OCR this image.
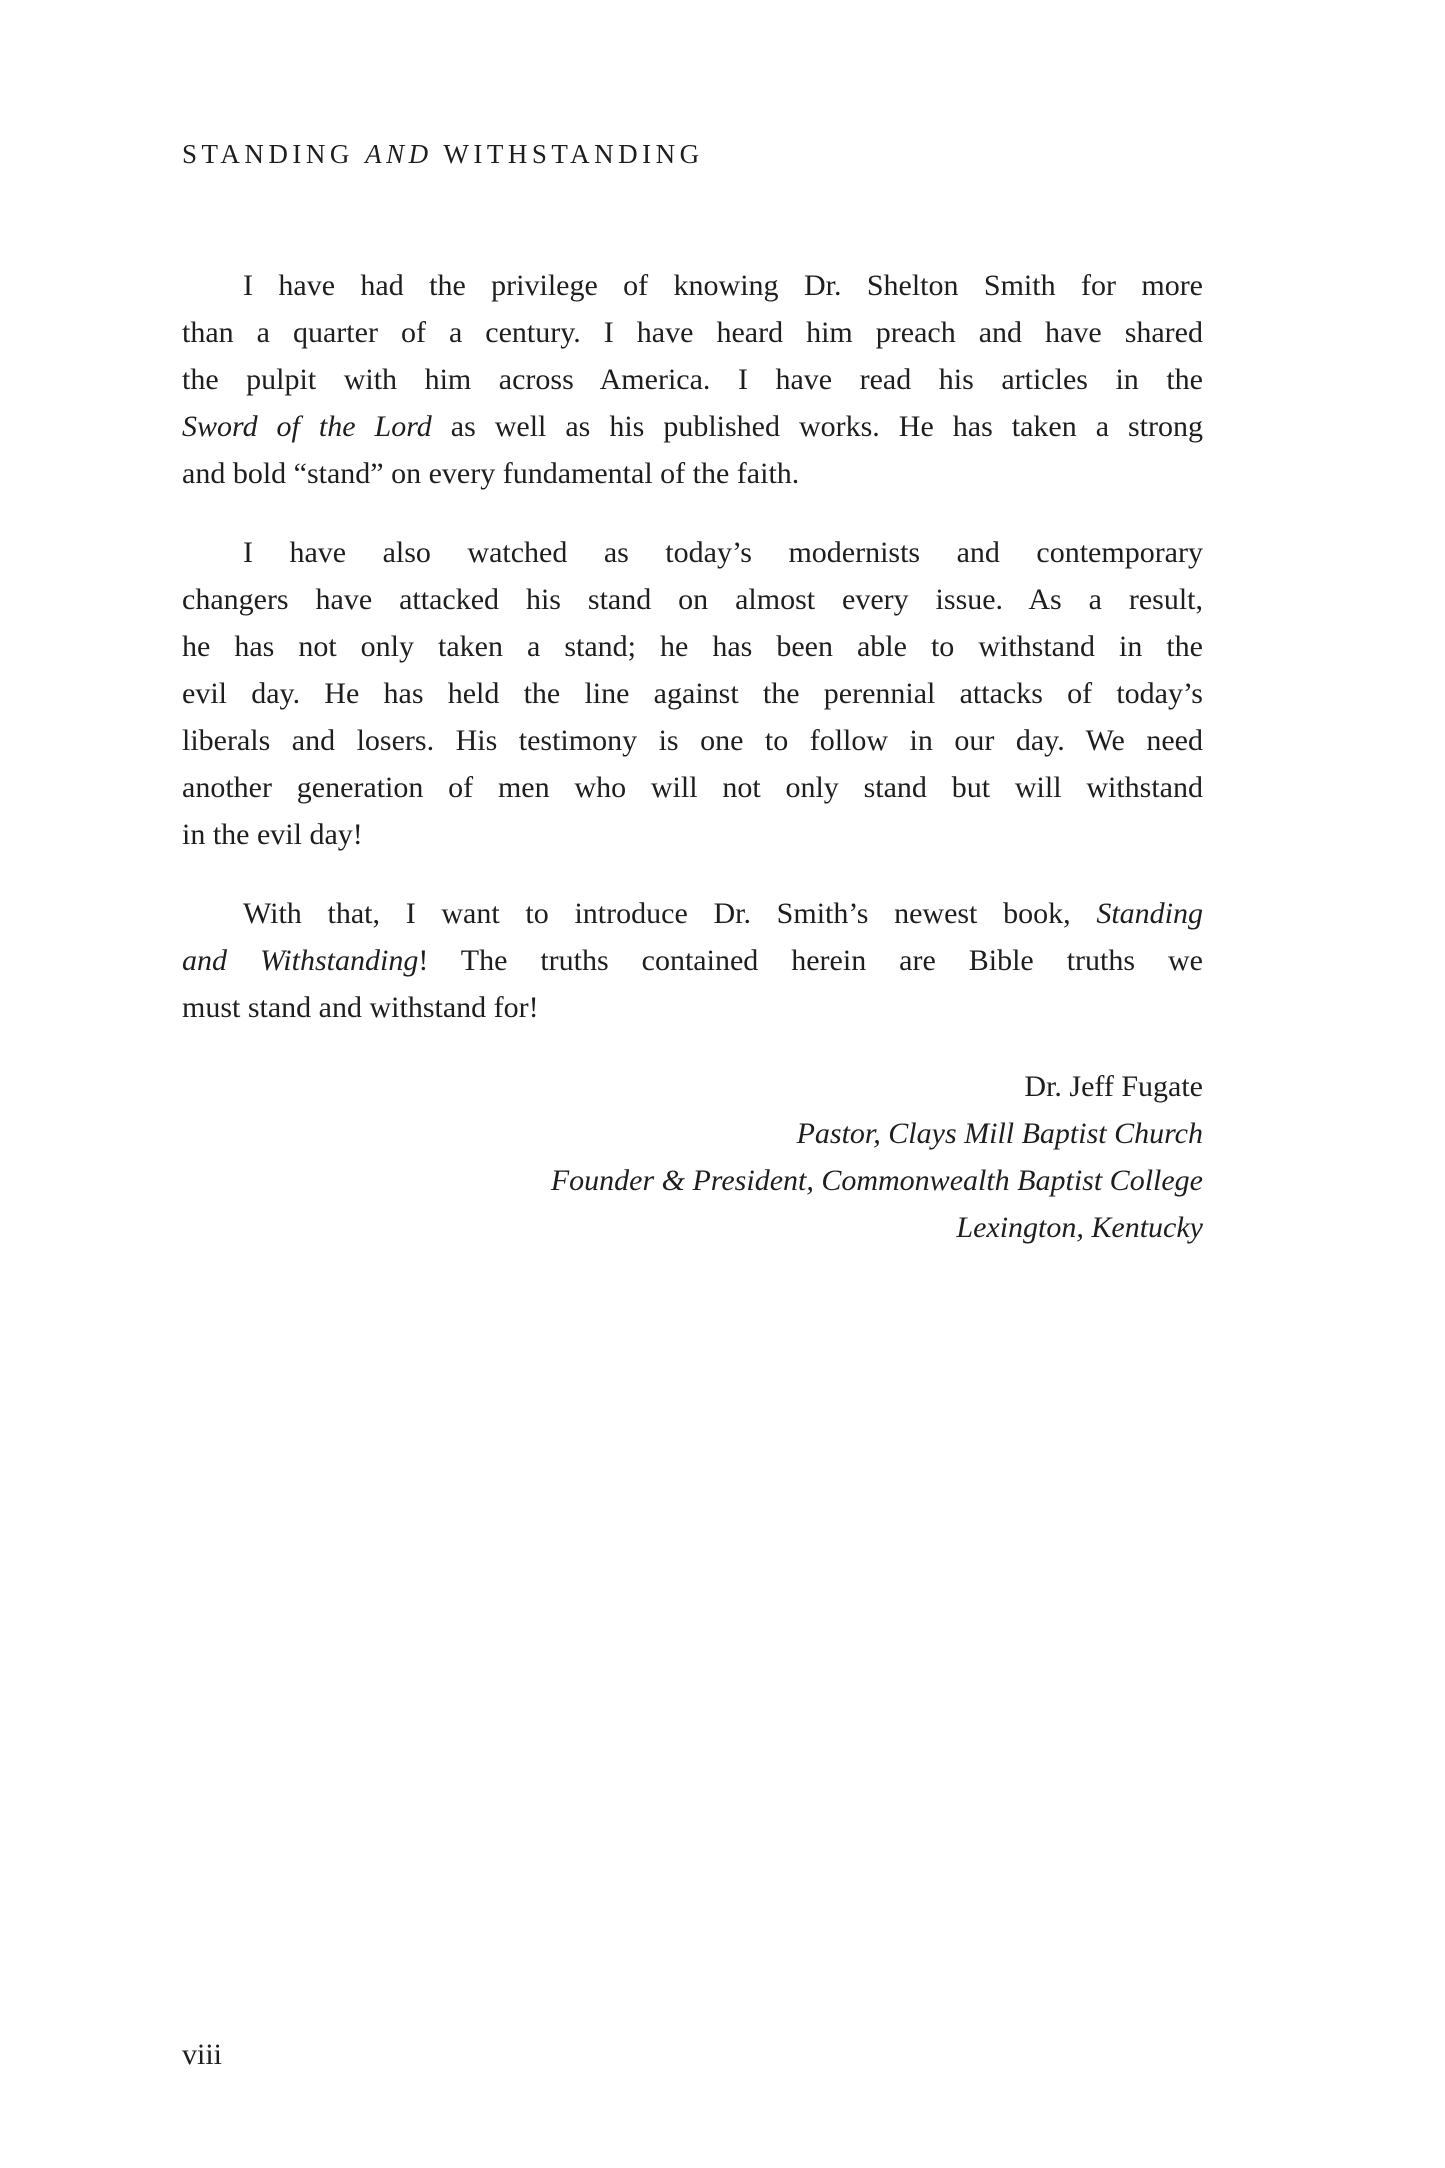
STANDING AND WITHSTANDING
I have had the privilege of knowing Dr. Shelton Smith for more
than a quarter of a century. I have heard him preach and have shared
the pulpit with him across America. I have read his articles in the
Sword of the Lord as well as his published works. He has taken a strong
and bold “stand” on every fundamental of the faith.
I have also watched as today’s modernists and contemporary
changers have attacked his stand on almost every issue. As a result,
he has not only taken a stand; he has been able to withstand in the
evil day. He has held the line against the perennial attacks of today’s
liberals and losers. His testimony is one to follow in our day. We need
another generation of men who will not only stand but will withstand
in the evil day!
With that, I want to introduce Dr. Smith’s newest book, Standing
and Withstanding! The truths contained herein are Bible truths we
must stand and withstand for!
Dr. Jeff Fugate
Pastor, Clays Mill Baptist Church
Founder & President, Commonwealth Baptist College
Lexington, Kentucky
viii
